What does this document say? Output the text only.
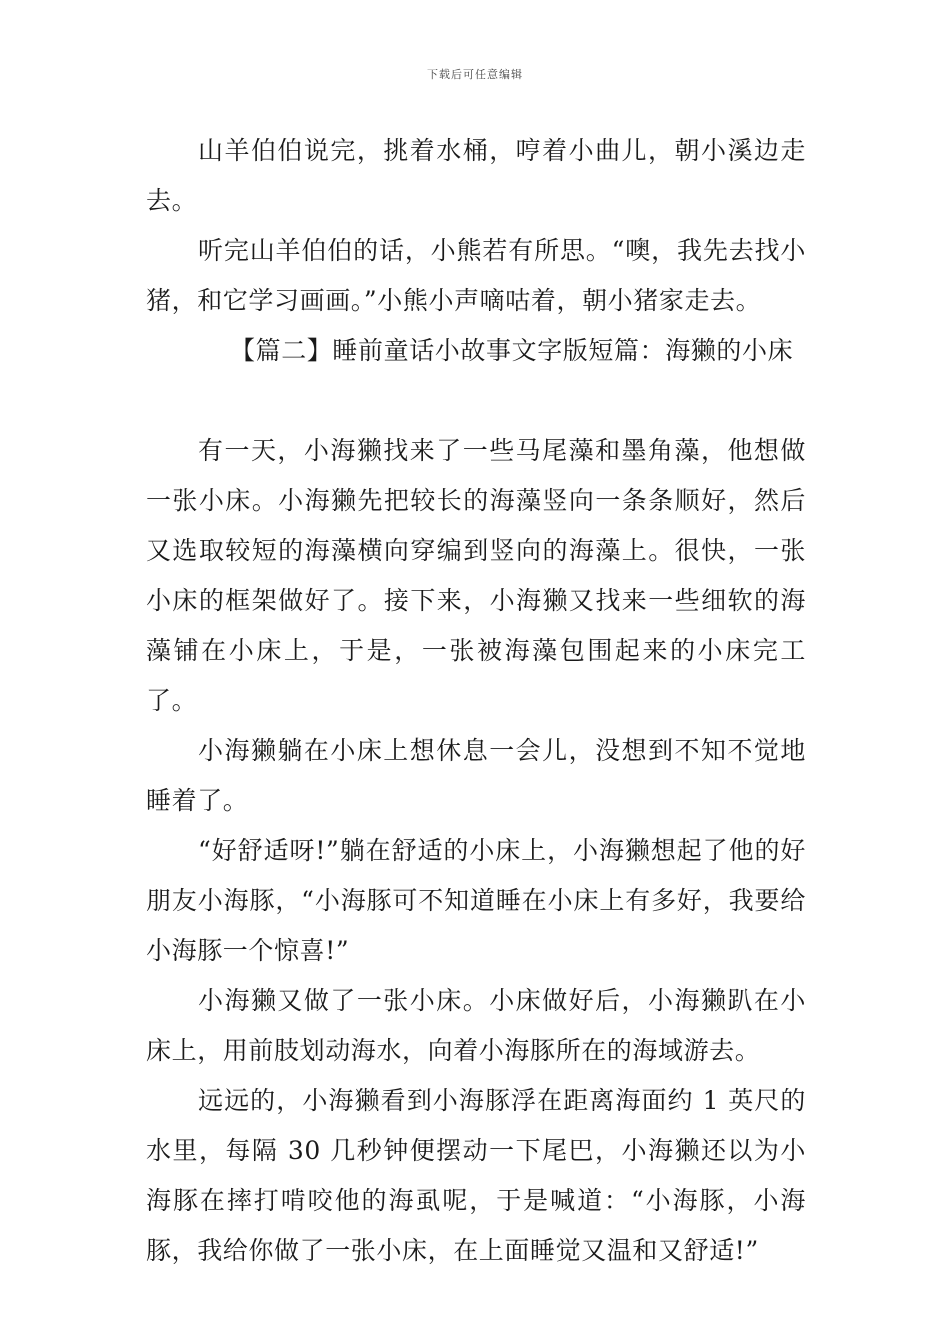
下载后可任意编辑

山羊伯伯说完，挑着水桶，哼着小曲儿，朝小溪边走去。

听完山羊伯伯的话，小熊若有所思。“噢，我先去找小猪，和它学习画画。”小熊小声嘀咕着，朝小猪家走去。

【篇二】睡前童话小故事文字版短篇：海獭的小床

有一天，小海獭找来了一些马尾藻和墨角藻，他想做一张小床。小海獭先把较长的海藻竖向一条条顺好，然后又选取较短的海藻横向穿编到竖向的海藻上。很快，一张小床的框架做好了。接下来，小海獭又找来一些细软的海藻铺在小床上，于是，一张被海藻包围起来的小床完工了。

小海獭躺在小床上想休息一会儿，没想到不知不觉地睡着了。

“好舒适呀!”躺在舒适的小床上，小海獭想起了他的好朋友小海豚，“小海豚可不知道睡在小床上有多好，我要给小海豚一个惊喜!”

小海獭又做了一张小床。小床做好后，小海獭趴在小床上，用前肢划动海水，向着小海豚所在的海域游去。

远远的，小海獭看到小海豚浮在距离海面约 1 英尺的水里，每隔 30 几秒钟便摆动一下尾巴，小海獭还以为小海豚在摔打啃咬他的海虱呢，于是喊道：“小海豚，小海豚，我给你做了一张小床，在上面睡觉又温和又舒适!”
